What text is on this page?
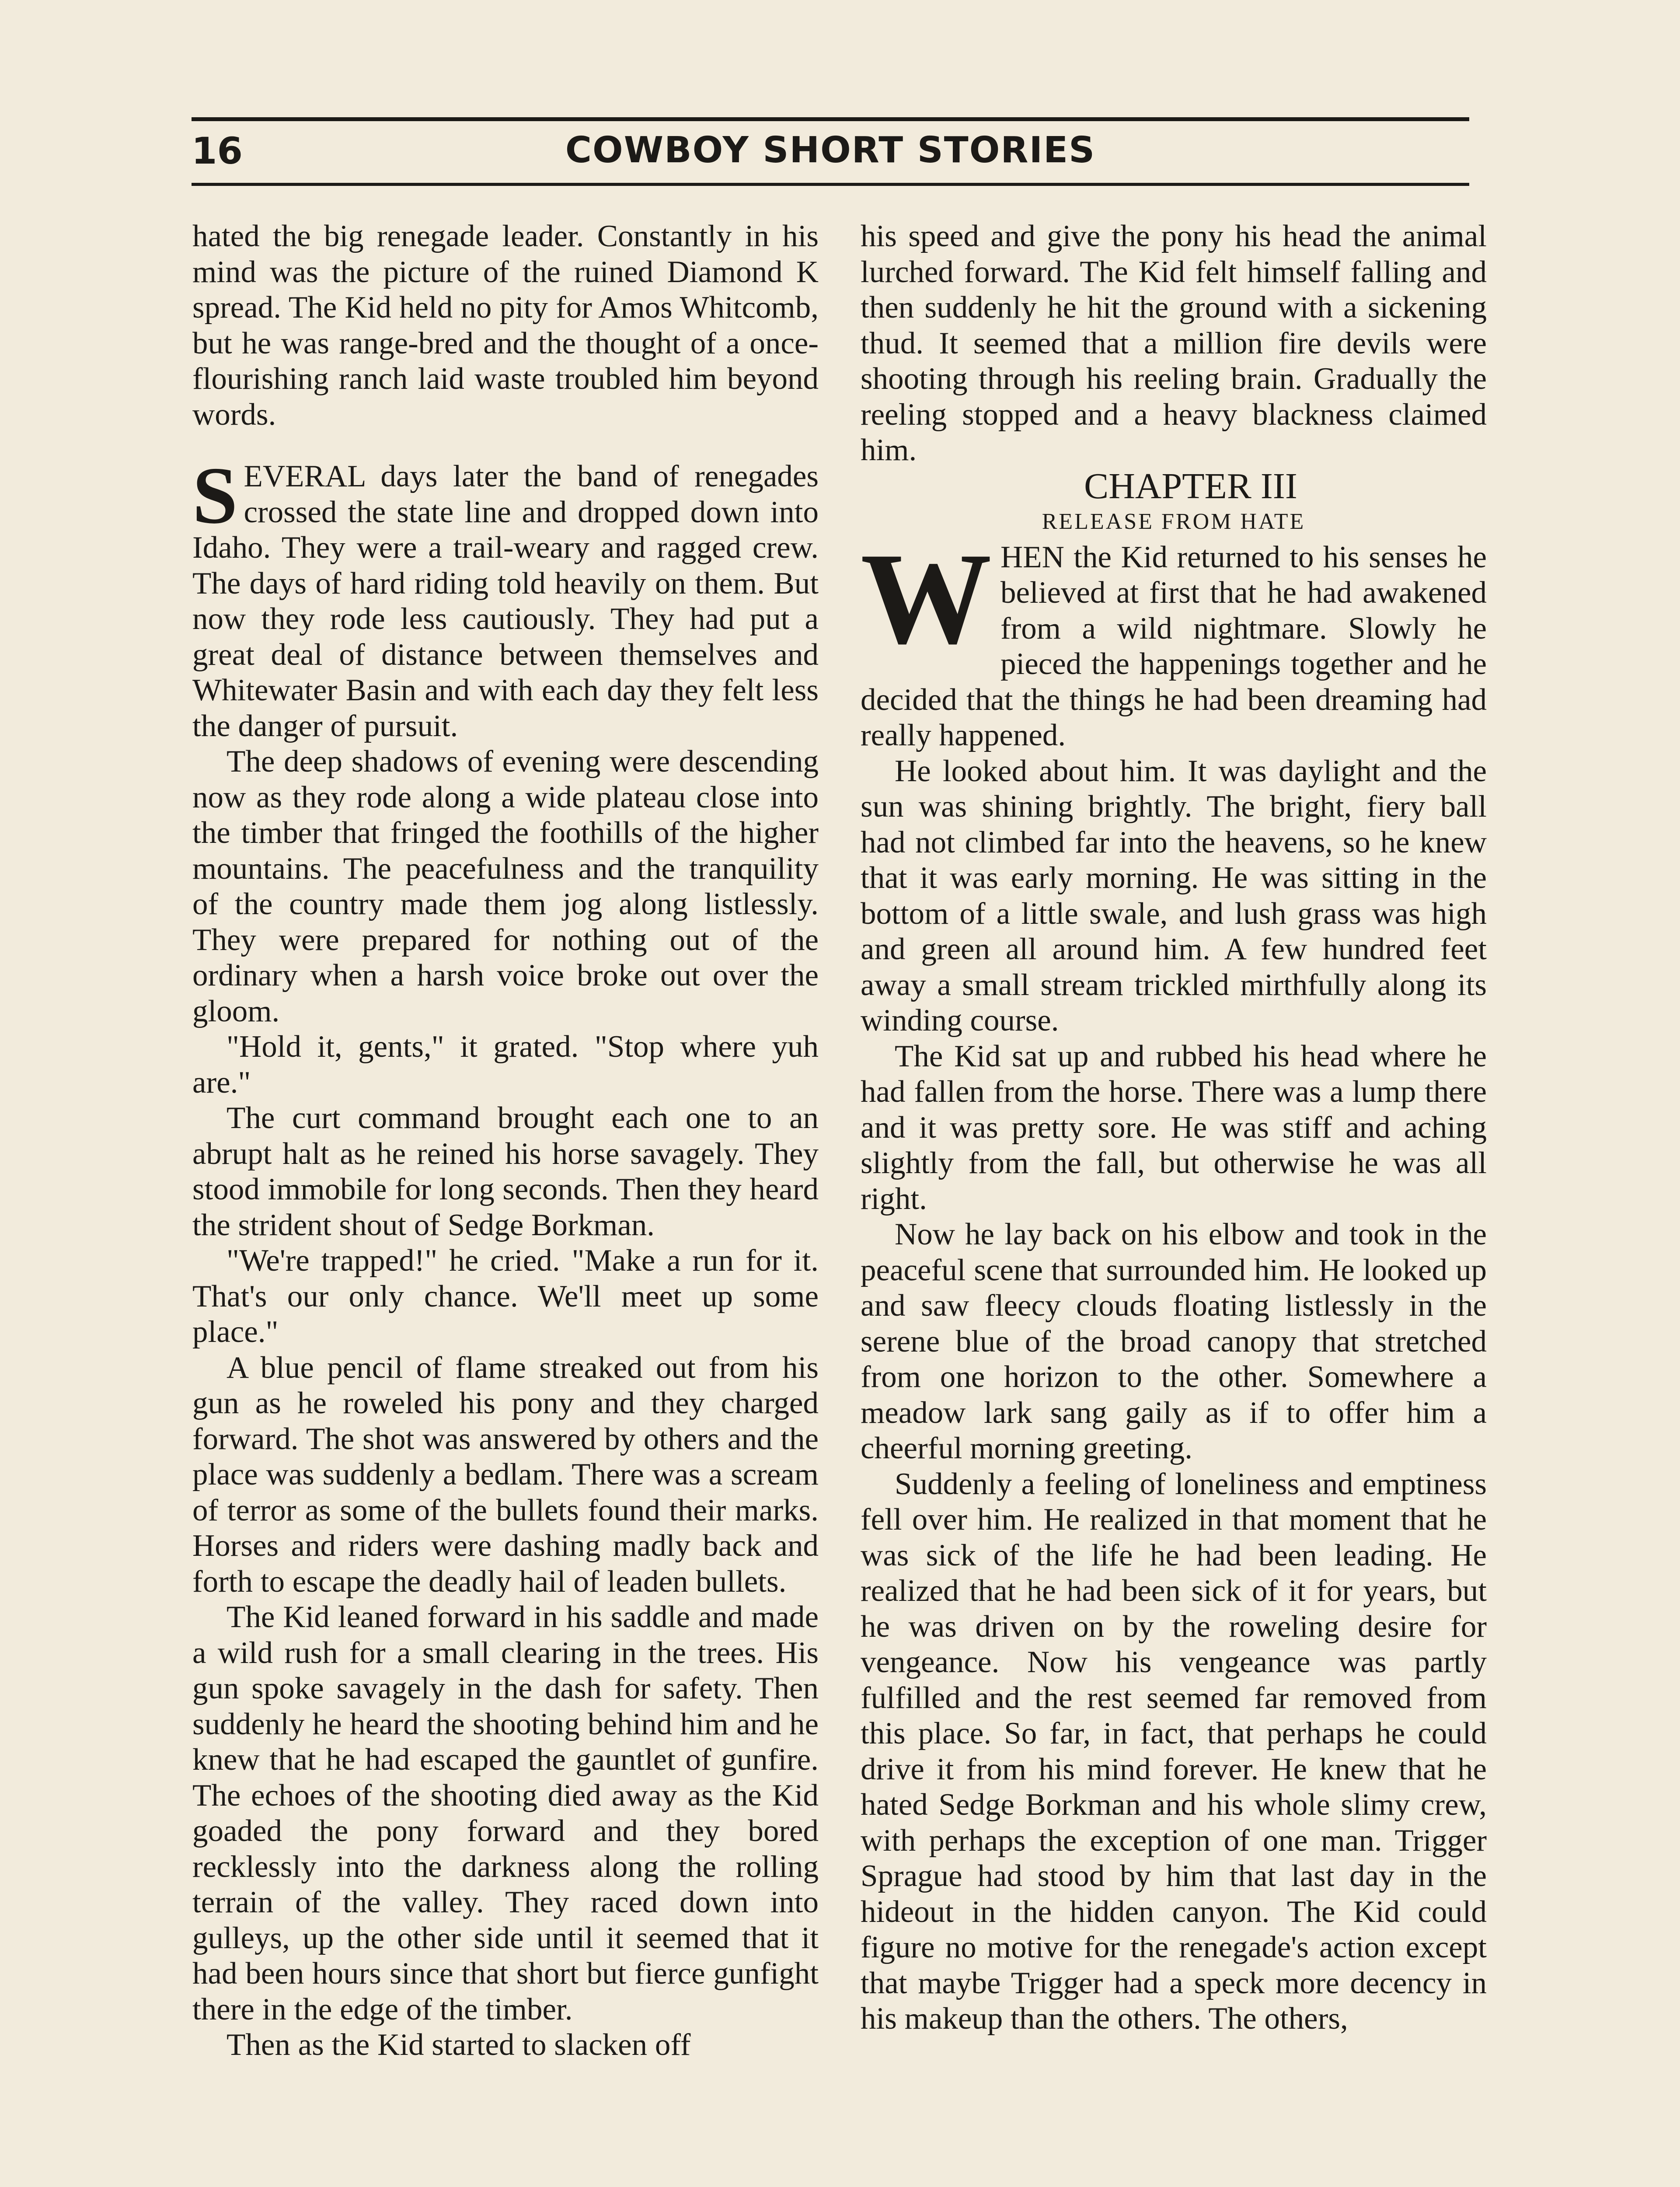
16	COWBOY SHORT STORIES

hated the big renegade leader. Constantly in his mind was the picture of the ruined Diamond K spread. The Kid held no pity for Amos Whitcomb, but he was range-bred and the thought of a once-flourishing ranch laid waste troubled him beyond words.

SEVERAL days later the band of renegades crossed the state line and dropped down into Idaho. They were a trail-weary and ragged crew. The days of hard riding told heavily on them. But now they rode less cautiously. They had put a great deal of distance between themselves and Whitewater Basin and with each day they felt less the danger of pursuit.

The deep shadows of evening were descending now as they rode along a wide plateau close into the timber that fringed the foothills of the higher mountains. The peacefulness and the tranquility of the country made them jog along listlessly. They were prepared for nothing out of the ordinary when a harsh voice broke out over the gloom.

"Hold it, gents," it grated. "Stop where yuh are."

The curt command brought each one to an abrupt halt as he reined his horse savagely. They stood immobile for long seconds. Then they heard the strident shout of Sedge Borkman.

"We're trapped!" he cried. "Make a run for it. That's our only chance. We'll meet up some place."

A blue pencil of flame streaked out from his gun as he roweled his pony and they charged forward. The shot was answered by others and the place was suddenly a bedlam. There was a scream of terror as some of the bullets found their marks. Horses and riders were dashing madly back and forth to escape the deadly hail of leaden bullets.

The Kid leaned forward in his saddle and made a wild rush for a small clearing in the trees. His gun spoke savagely in the dash for safety. Then suddenly he heard the shooting behind him and he knew that he had escaped the gauntlet of gunfire. The echoes of the shooting died away as the Kid goaded the pony forward and they bored recklessly into the darkness along the rolling terrain of the valley. They raced down into gulleys, up the other side until it seemed that it had been hours since that short but fierce gunfight there in the edge of the timber.

Then as the Kid started to slacken off

his speed and give the pony his head the animal lurched forward. The Kid felt himself falling and then suddenly he hit the ground with a sickening thud. It seemed that a million fire devils were shooting through his reeling brain. Gradually the reeling stopped and a heavy blackness claimed him.

CHAPTER III

RELEASE FROM HATE

WHEN the Kid returned to his senses he believed at first that he had awakened from a wild nightmare. Slowly he pieced the happenings together and he decided that the things he had been dreaming had really happened.

He looked about him. It was daylight and the sun was shining brightly. The bright, fiery ball had not climbed far into the heavens, so he knew that it was early morning. He was sitting in the bottom of a little swale, and lush grass was high and green all around him. A few hundred feet away a small stream trickled mirthfully along its winding course.

The Kid sat up and rubbed his head where he had fallen from the horse. There was a lump there and it was pretty sore. He was stiff and aching slightly from the fall, but otherwise he was all right.

Now he lay back on his elbow and took in the peaceful scene that surrounded him. He looked up and saw fleecy clouds floating listlessly in the serene blue of the broad canopy that stretched from one horizon to the other. Somewhere a meadow lark sang gaily as if to offer him a cheerful morning greeting.

Suddenly a feeling of loneliness and emptiness fell over him. He realized in that moment that he was sick of the life he had been leading. He realized that he had been sick of it for years, but he was driven on by the roweling desire for vengeance. Now his vengeance was partly fulfilled and the rest seemed far removed from this place. So far, in fact, that perhaps he could drive it from his mind forever. He knew that he hated Sedge Borkman and his whole slimy crew, with perhaps the exception of one man. Trigger Sprague had stood by him that last day in the hideout in the hidden canyon. The Kid could figure no motive for the renegade's action except that maybe Trigger had a speck more decency in his makeup than the others. The others,
